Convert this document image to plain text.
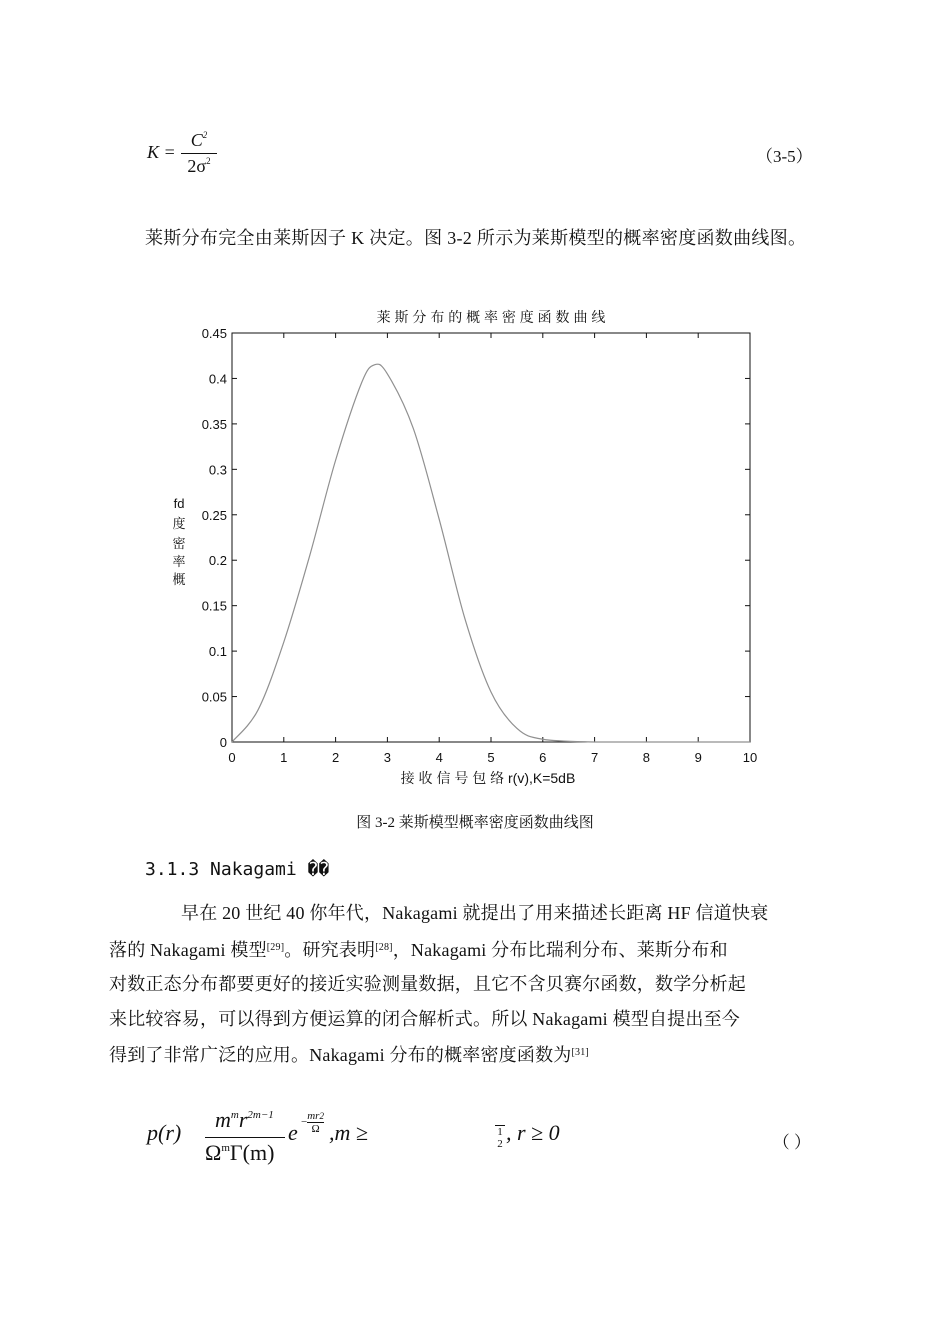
K =
$C^2$
$2\sigma^2$	（3-5）
莱斯分布完全由莱斯因子 K 决定。图 3-2 所示为莱斯模型的概率密度函数曲线图。
莱 斯 分 布 的 概 率 密 度 函 数 曲 线
接 收 信 号 包 络 r(v),K=5dB
fd
度
密
率
概
0	1	2	3	4	5	6	7	8	9	10
0
0.05
0.1
0.15
0.2
0.25
0.3
0.35
0.4
0.45
图 3-2 莱斯模型概率密度函数曲线图
3.1.3 Nakagami ��

早在 20 世纪 40 你年代，Nakagami 就提出了用来描述长距离 HF 信道快衰
落的 Nakagami 模型[29]。研究表明[28]，Nakagami 分布比瑞利分布、莱斯分布和
对数正态分布都要更好的接近实验测量数据，且它不含贝赛尔函数，数学分析起
来比较容易，可以得到方便运算的闭合解析式。所以 Nakagami 模型自提出至今
得到了非常广泛的应用。Nakagami 分布的概率密度函数为[31]

p(r)
$m^mr^{2m-1}$
$\Omega^m\Gamma(m)$
$e - \frac{mr2}{\Omega} ,m$ ≥	1
2 , r ≥ 0	（ ）
